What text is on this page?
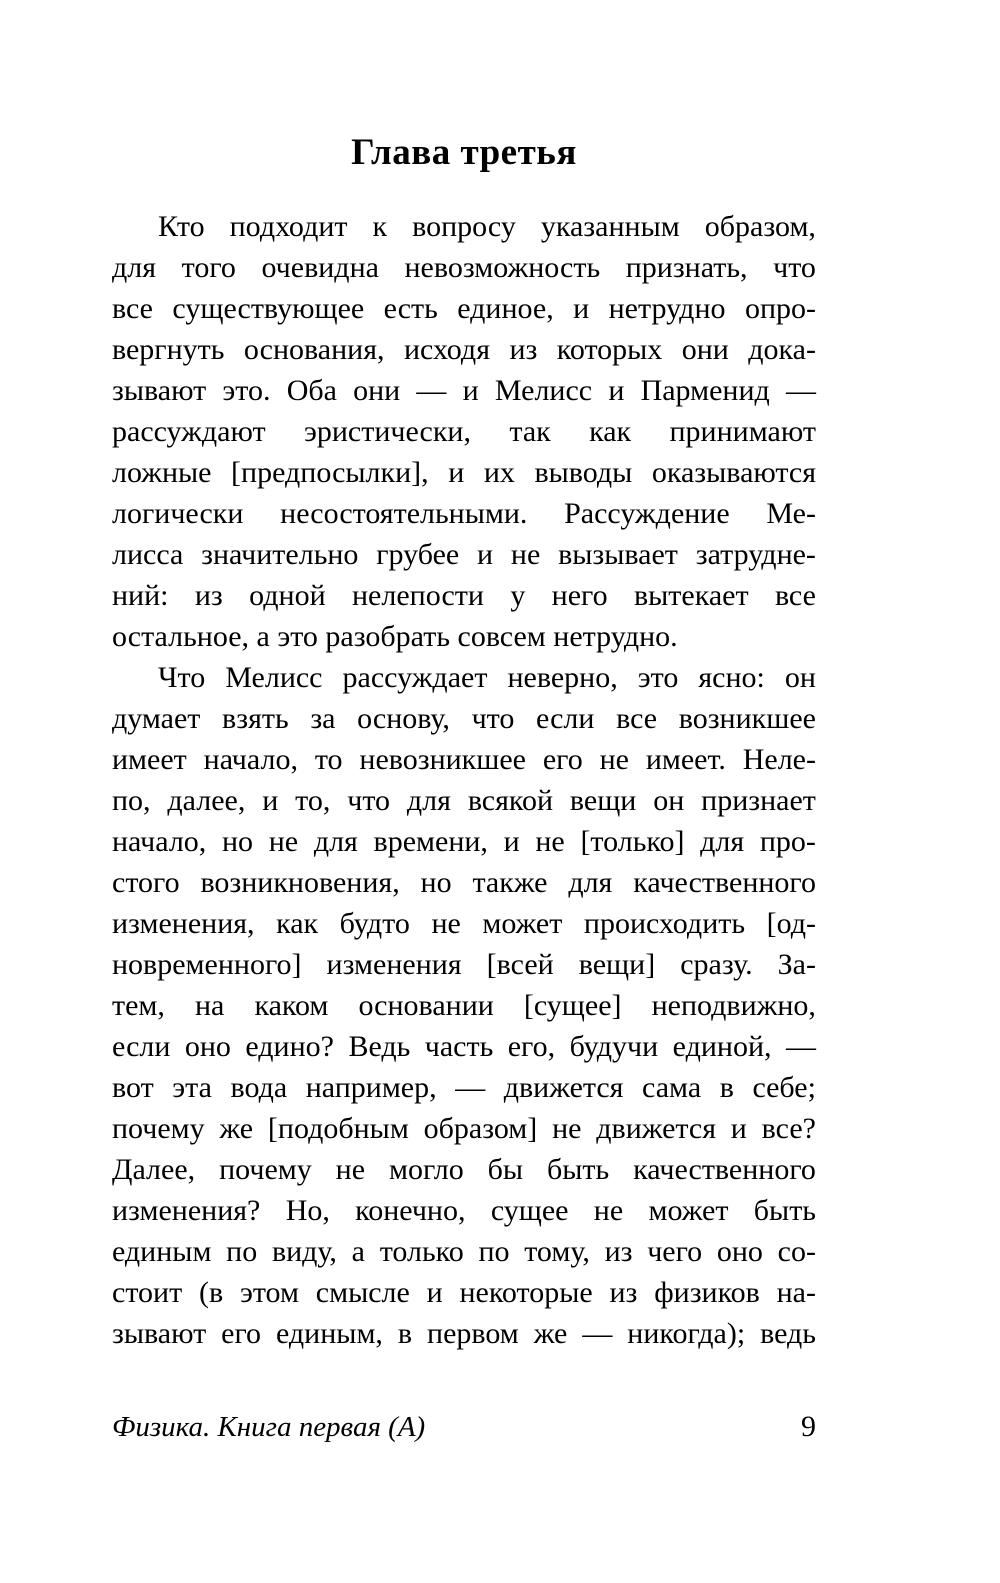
Глава третья
Кто подходит к вопросу указанным образом,
для того очевидна невозможность признать, что
все существующее есть единое, и нетрудно опро-
вергнуть основания, исходя из которых они дока-
зывают это. Оба они — и Мелисс и Парменид —
рассуждают эристически, так как принимают
ложные [предпосылки], и их выводы оказываются
логически несостоятельными. Рассуждение Ме-
лисса значительно грубее и не вызывает затрудне-
ний: из одной нелепости у него вытекает все
остальное, а это разобрать совсем нетрудно.
Что Мелисс рассуждает неверно, это ясно: он
думает взять за основу, что если все возникшее
имеет начало, то невозникшее его не имеет. Неле-
по, далее, и то, что для всякой вещи он признает
начало, но не для времени, и не [только] для про-
стого возникновения, но также для качественного
изменения, как будто не может происходить [од-
новременного] изменения [всей вещи] сразу. За-
тем, на каком основании [сущее] неподвижно,
если оно едино? Ведь часть его, будучи единой, —
вот эта вода например, — движется сама в себе;
почему же [подобным образом] не движется и все?
Далее, почему не могло бы быть качественного
изменения? Но, конечно, сущее не может быть
единым по виду, а только по тому, из чего оно со-
стоит (в этом смысле и некоторые из физиков на-
зывают его единым, в первом же — никогда); ведь
Физика. Книга первая (А)	9
